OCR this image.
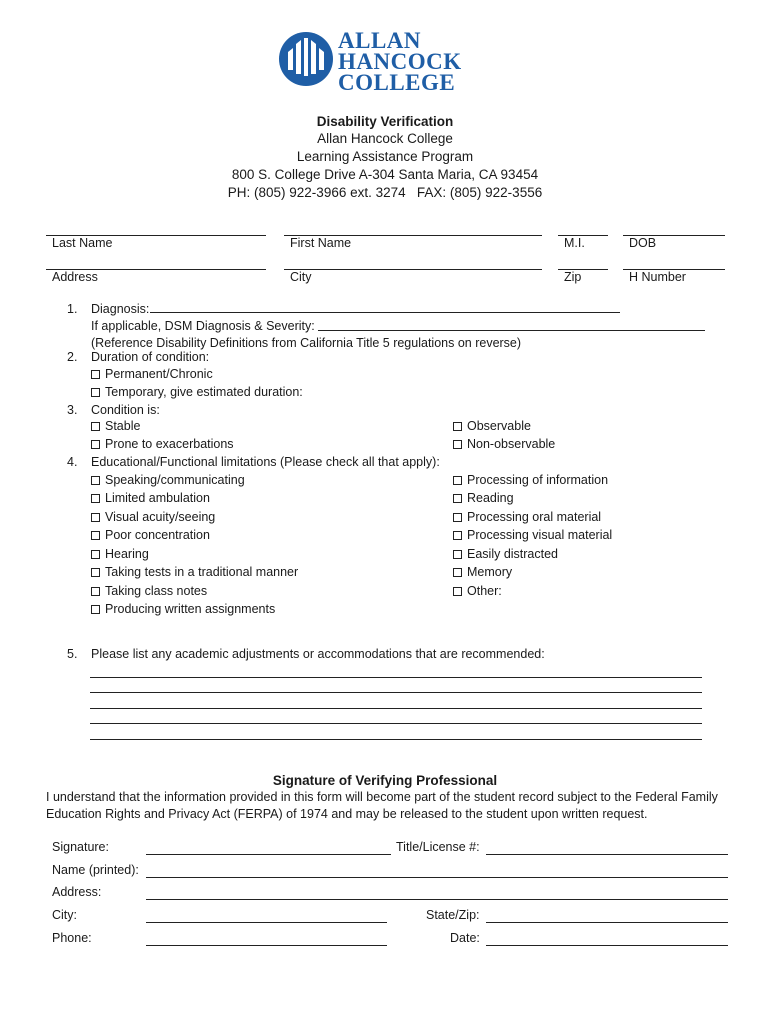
ALLAN
HANCOCK
COLLEGE
Disability Verification
Allan Hancock College
Learning Assistance Program
800 S. College Drive A-304 Santa Maria, CA 93454
PH: (805) 922-3966 ext. 3274   FAX: (805) 922-3556
Last Name	First Name	M.I.	DOB
Address	City	Zip	H Number
1. Diagnosis:
If applicable, DSM Diagnosis & Severity:
(Reference Disability Definitions from California Title 5 regulations on reverse)
2. Duration of condition:
Permanent/Chronic
Temporary, give estimated duration:
3. Condition is:
Stable
Prone to exacerbations
Observable
Non-observable
4. Educational/Functional limitations (Please check all that apply):
Speaking/communicating
Limited ambulation
Visual acuity/seeing
Poor concentration
Hearing
Taking tests in a traditional manner
Taking class notes
Producing written assignments
Processing of information
Reading
Processing oral material
Processing visual material
Easily distracted
Memory
Other:
5. Please list any academic adjustments or accommodations that are recommended:
Signature of Verifying Professional
I understand that the information provided in this form will become part of the student record subject to the Federal Family
Education Rights and Privacy Act (FERPA) of 1974 and may be released to the student upon written request.
Signature:	Title/License #:
Name (printed):
Address:
City:	State/Zip:
Phone:	Date:
